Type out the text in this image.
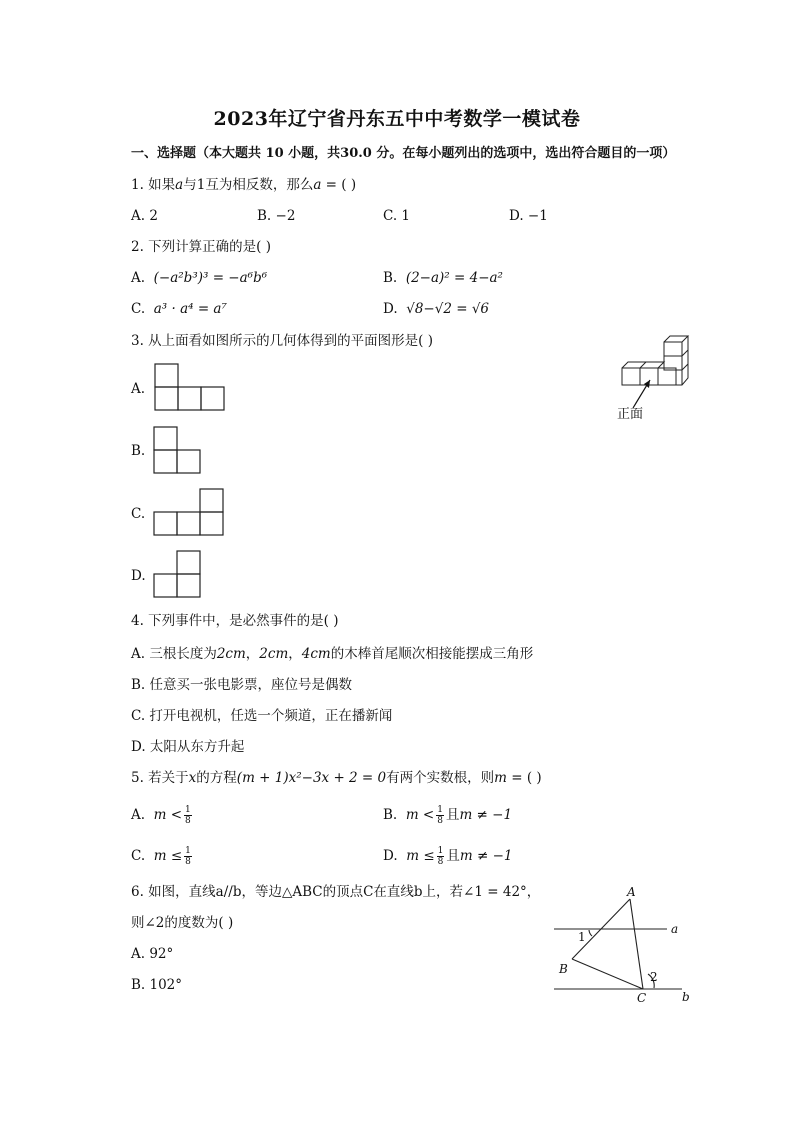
2023年辽宁省丹东五中中考数学一模试卷
一、选择题（本大题共 10 小题，共30.0 分。在每小题列出的选项中，选出符合题目的一项）
1. 如果a与1互为相反数，那么a = ( )
A. 2	B. −2	C. 1	D. −1
2. 下列计算正确的是( )
A. (−a²b³)³ = −a⁶b⁶	B. (2−a)² = 4−a²
C. a³ · a⁴ = a⁷	D. √8−√2 = √6
3. 从上面看如图所示的几何体得到的平面图形是( )
正面
A.
B.
C.
D.
4. 下列事件中，是必然事件的是( )
A. 三根长度为2cm，2cm，4cm的木棒首尾顺次相接能摆成三角形
B. 任意买一张电影票，座位号是偶数
C. 打开电视机，任选一个频道，正在播新闻
D. 太阳从东方升起
5. 若关于x的方程(m + 1)x²−3x + 2 = 0有两个实数根，则m = ( )
A. $m < \frac{1}{8}$	B. $m < \frac{1}{8}$ 且m ≠ −1
C. $m \le \frac{1}{8}$	D. $m \le \frac{1}{8}$ 且m ≠ −1
6. 如图，直线a//b，等边△ABC的顶点C在直线b上，若∠1 = 42°，
则∠2的度数为( )
A. 92°
B. 102°
A
B
C
a
b
1
2
